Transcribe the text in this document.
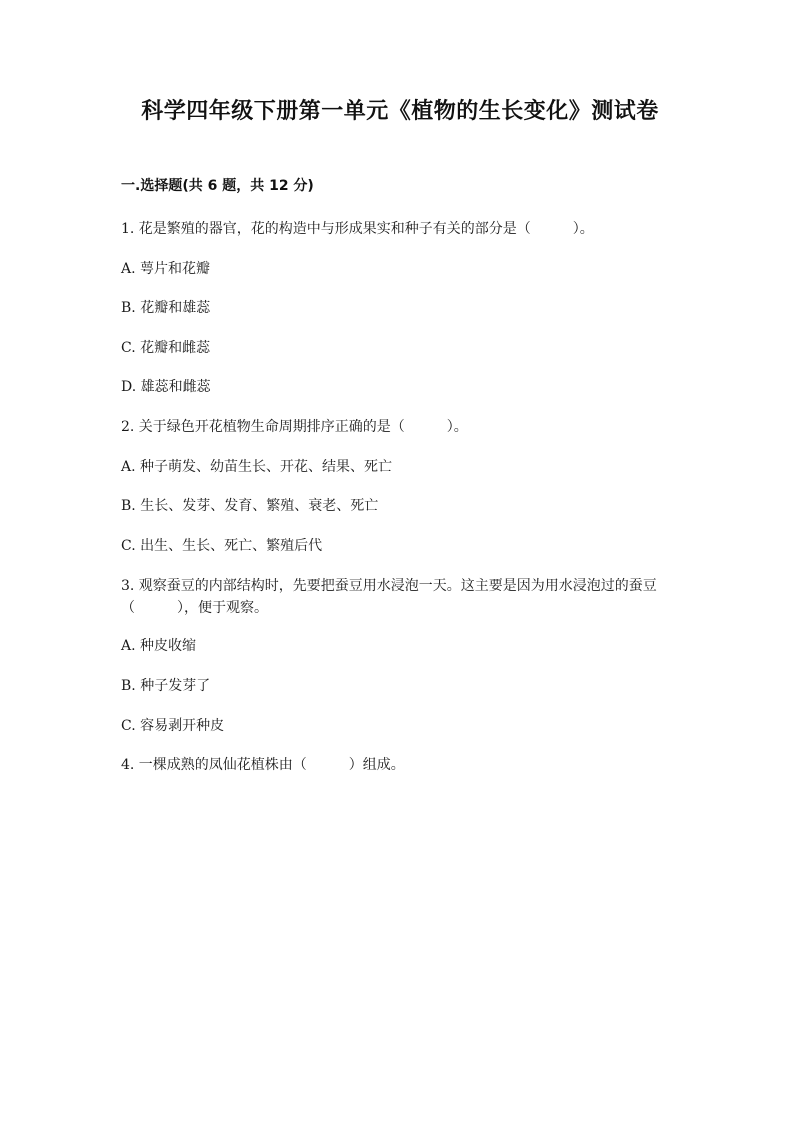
科学四年级下册第一单元《植物的生长变化》测试卷
一.选择题(共 6 题，共 12 分)
1. 花是繁殖的器官，花的构造中与形成果实和种子有关的部分是（　　　）。
A. 萼片和花瓣
B. 花瓣和雄蕊
C. 花瓣和雌蕊
D. 雄蕊和雌蕊
2. 关于绿色开花植物生命周期排序正确的是（　　　）。
A. 种子萌发、幼苗生长、开花、结果、死亡
B. 生长、发芽、发育、繁殖、衰老、死亡
C. 出生、生长、死亡、繁殖后代
3. 观察蚕豆的内部结构时，先要把蚕豆用水浸泡一天。这主要是因为用水浸泡过的蚕豆（　　　），便于观察。
A. 种皮收缩
B. 种子发芽了
C. 容易剥开种皮
4. 一棵成熟的凤仙花植株由（　　　）组成。
